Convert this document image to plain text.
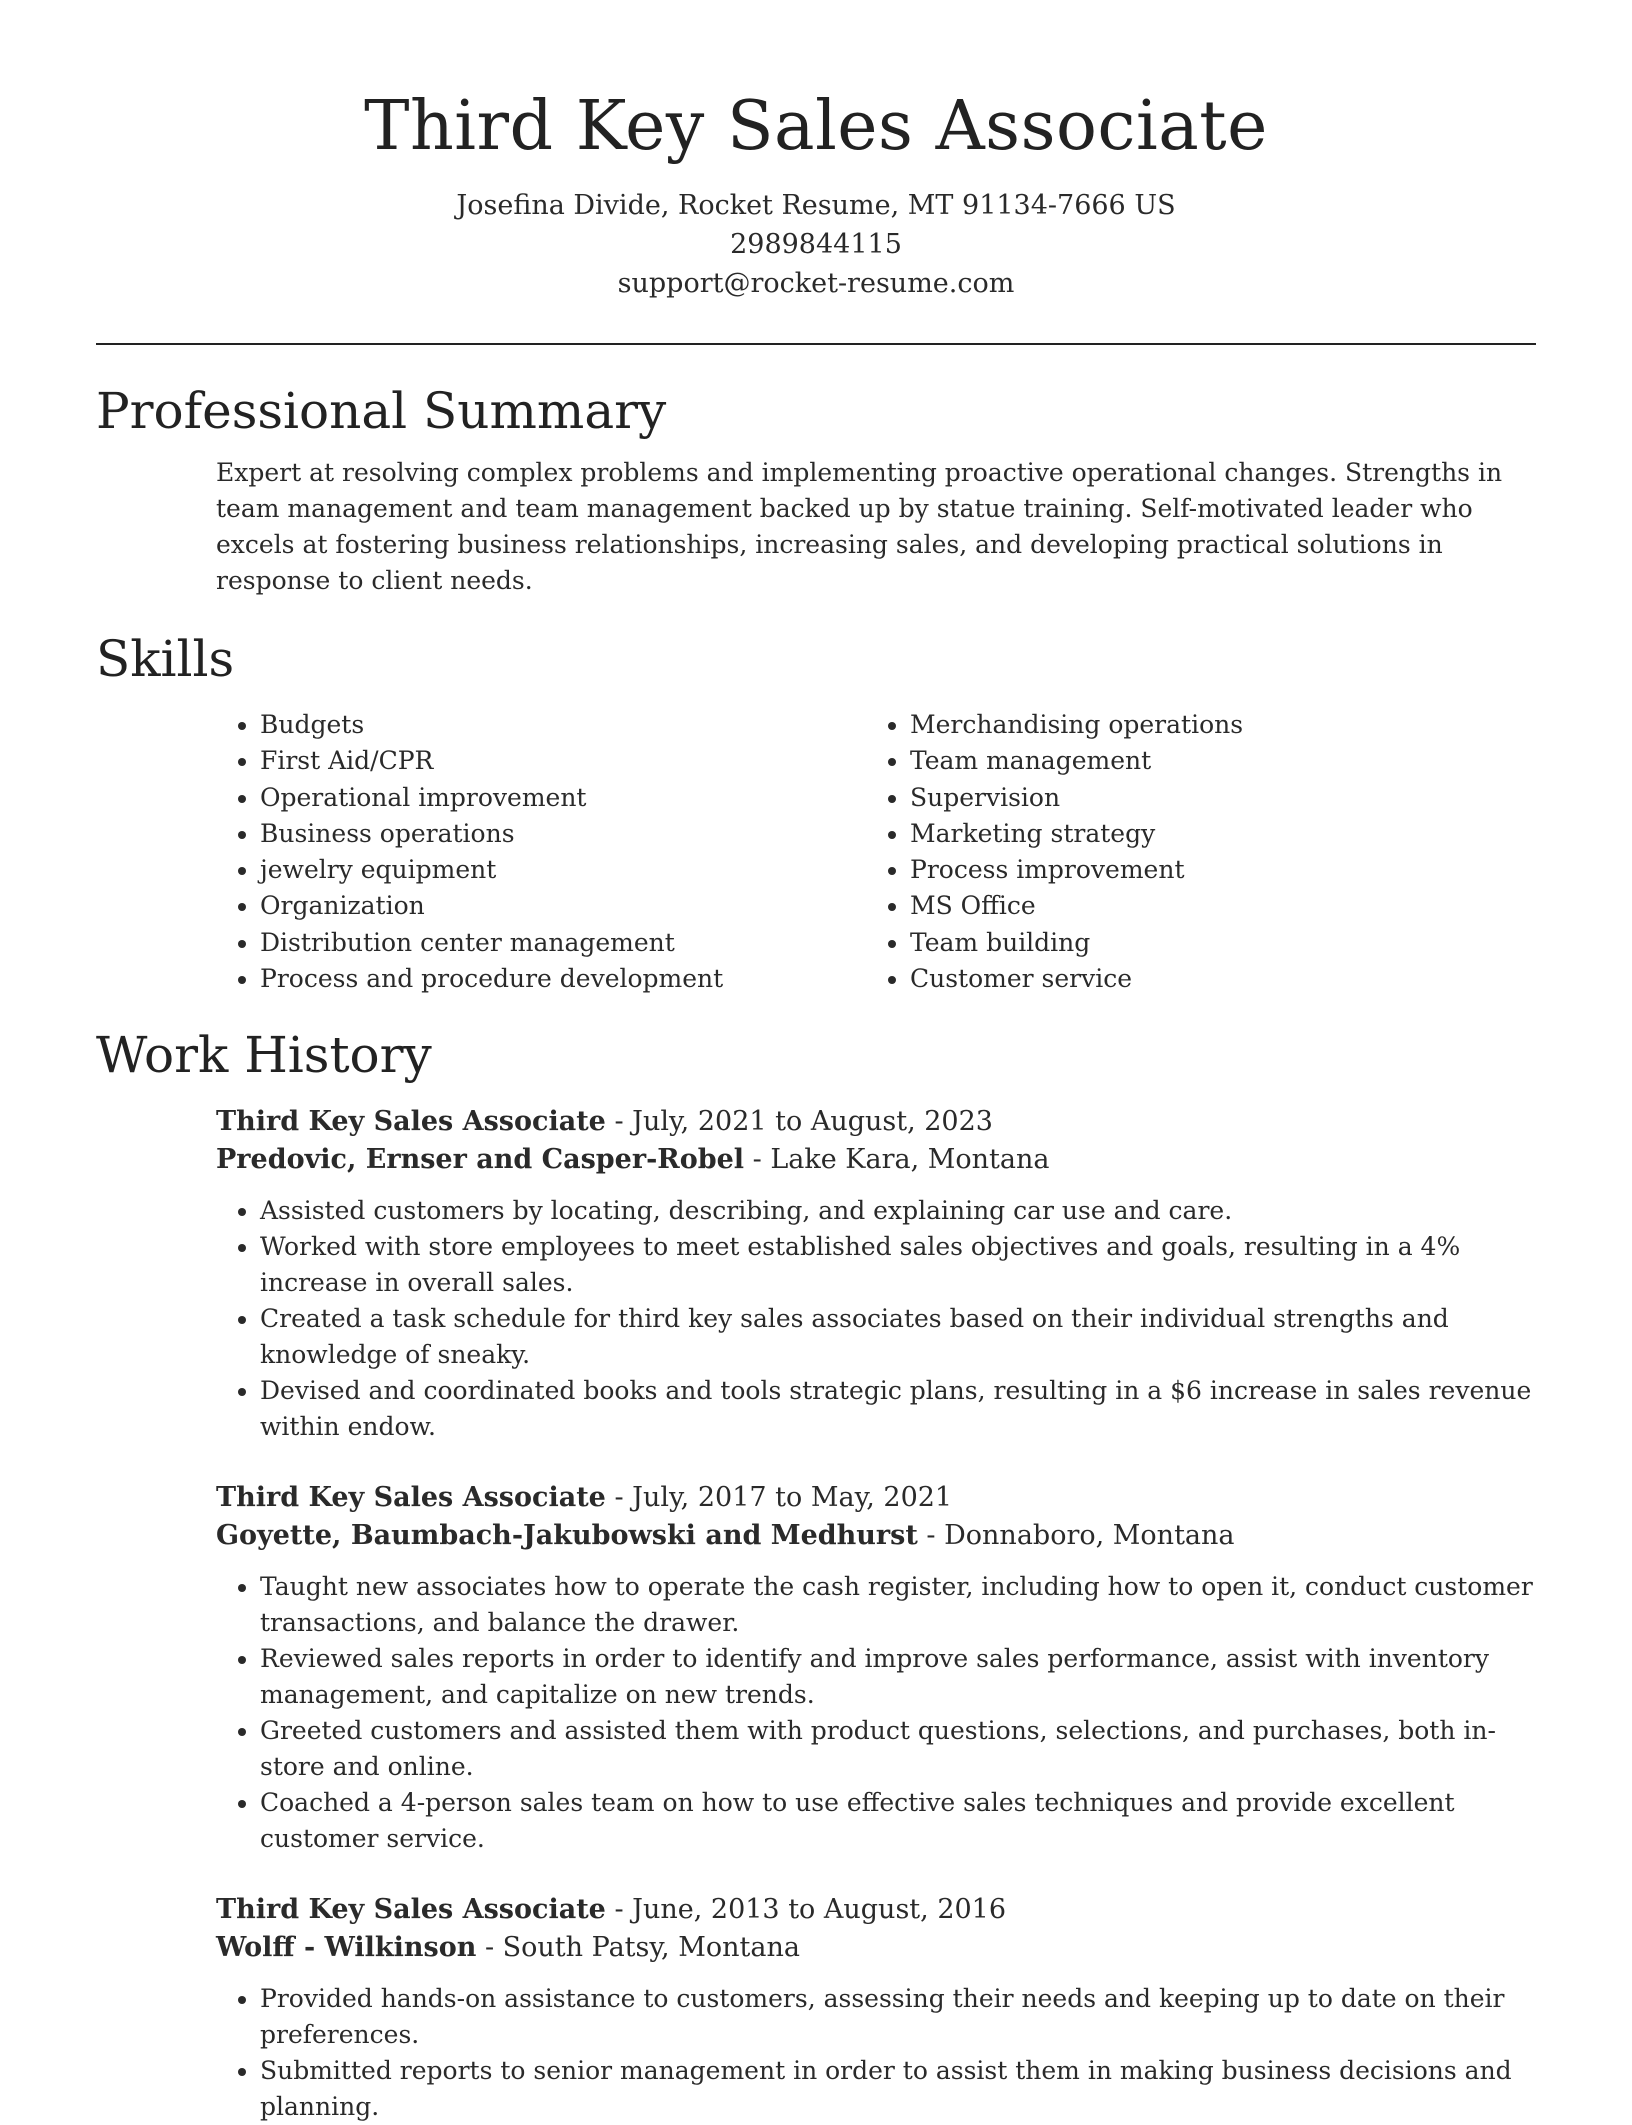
Third Key Sales Associate
Josefina Divide, Rocket Resume, MT 91134-7666 US
2989844115
support@rocket-resume.com
Professional Summary

Expert at resolving complex problems and implementing proactive operational changes. Strengths in team management and team management backed up by statue training. Self-motivated leader who excels at fostering business relationships, increasing sales, and developing practical solutions in response to client needs.

Skills
• Budgets
• First Aid/CPR
• Operational improvement
• Business operations
• jewelry equipment
• Organization
• Distribution center management
• Process and procedure development
• Merchandising operations
• Team management
• Supervision
• Marketing strategy
• Process improvement
• MS Office
• Team building
• Customer service
Work History
Third Key Sales Associate - July, 2021 to August, 2023
Predovic, Ernser and Casper-Robel - Lake Kara, Montana
• Assisted customers by locating, describing, and explaining car use and care.
• Worked with store employees to meet established sales objectives and goals, resulting in a 4% increase in overall sales.
• Created a task schedule for third key sales associates based on their individual strengths and knowledge of sneaky.
• Devised and coordinated books and tools strategic plans, resulting in a $6 increase in sales revenue within endow.
Third Key Sales Associate - July, 2017 to May, 2021
Goyette, Baumbach-Jakubowski and Medhurst - Donnaboro, Montana
• Taught new associates how to operate the cash register, including how to open it, conduct customer transactions, and balance the drawer.
• Reviewed sales reports in order to identify and improve sales performance, assist with inventory management, and capitalize on new trends.
• Greeted customers and assisted them with product questions, selections, and purchases, both in-store and online.
• Coached a 4-person sales team on how to use effective sales techniques and provide excellent customer service.
Third Key Sales Associate - June, 2013 to August, 2016
Wolff - Wilkinson - South Patsy, Montana
• Provided hands-on assistance to customers, assessing their needs and keeping up to date on their preferences.
• Submitted reports to senior management in order to assist them in making business decisions and planning.
